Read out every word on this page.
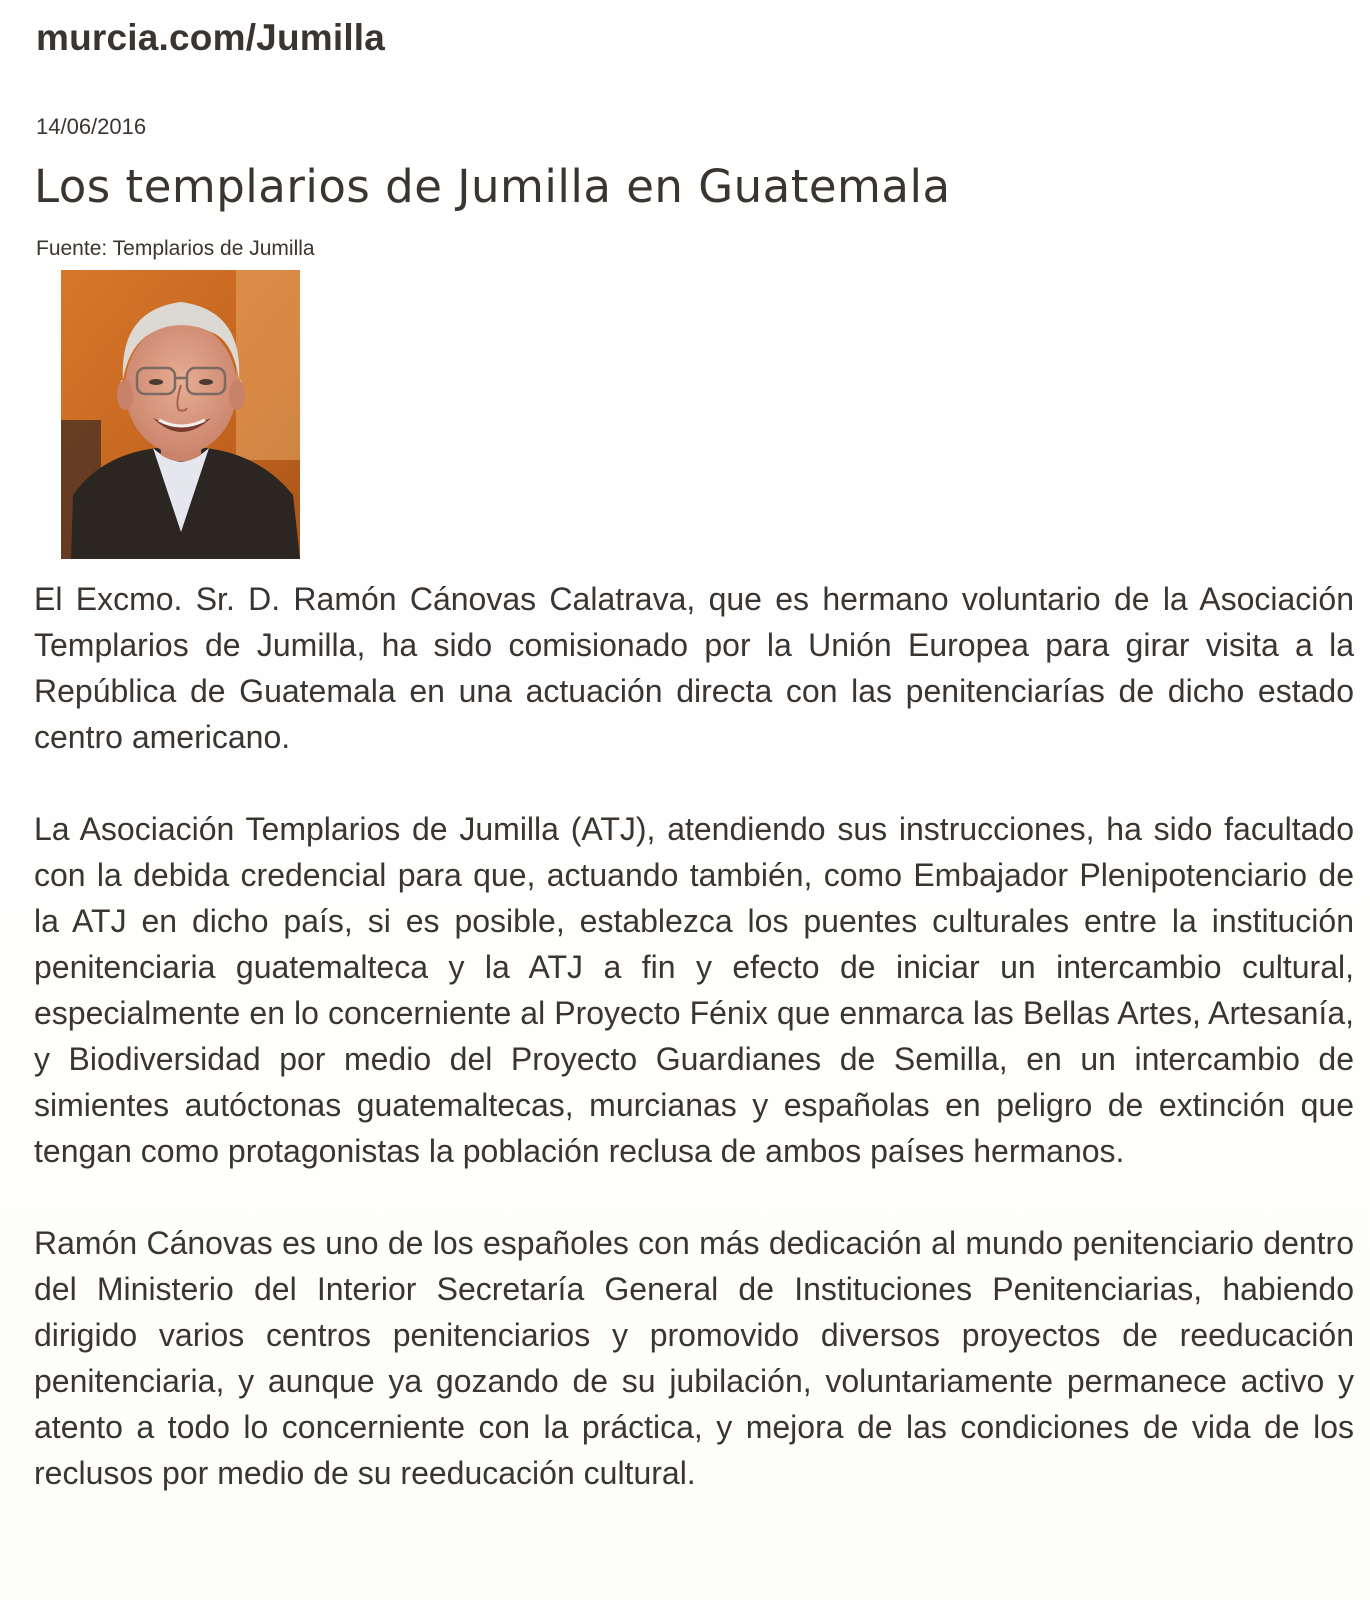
murcia.com/Jumilla
14/06/2016
Los templarios de Jumilla en Guatemala
Fuente: Templarios de Jumilla

El Excmo. Sr. D. Ramón Cánovas Calatrava, que es hermano voluntario de la Asociación Templarios de Jumilla, ha sido comisionado por la Unión Europea para girar visita a la República de Guatemala en una actuación directa con las penitenciarías de dicho estado centro americano.

La Asociación Templarios de Jumilla (ATJ), atendiendo sus instrucciones, ha sido facultado con la debida credencial para que, actuando también, como Embajador Plenipotenciario de la ATJ en dicho país, si es posible, establezca los puentes culturales entre la institución penitenciaria guatemalteca y la ATJ a fin y efecto de iniciar un intercambio cultural, especialmente en lo concerniente al Proyecto Fénix que enmarca las Bellas Artes, Artesanía, y Biodiversidad por medio del Proyecto Guardianes de Semilla, en un intercambio de simientes autóctonas guatemaltecas, murcianas y españolas en peligro de extinción que tengan como protagonistas la población reclusa de ambos países hermanos.

Ramón Cánovas es uno de los españoles con más dedicación al mundo penitenciario dentro del Ministerio del Interior Secretaría General de Instituciones Penitenciarias, habiendo dirigido varios centros penitenciarios y promovido diversos proyectos de reeducación penitenciaria, y aunque ya gozando de su jubilación, voluntariamente permanece activo y atento a todo lo concerniente con la práctica, y mejora de las condiciones de vida de los reclusos por medio de su reeducación cultural.
